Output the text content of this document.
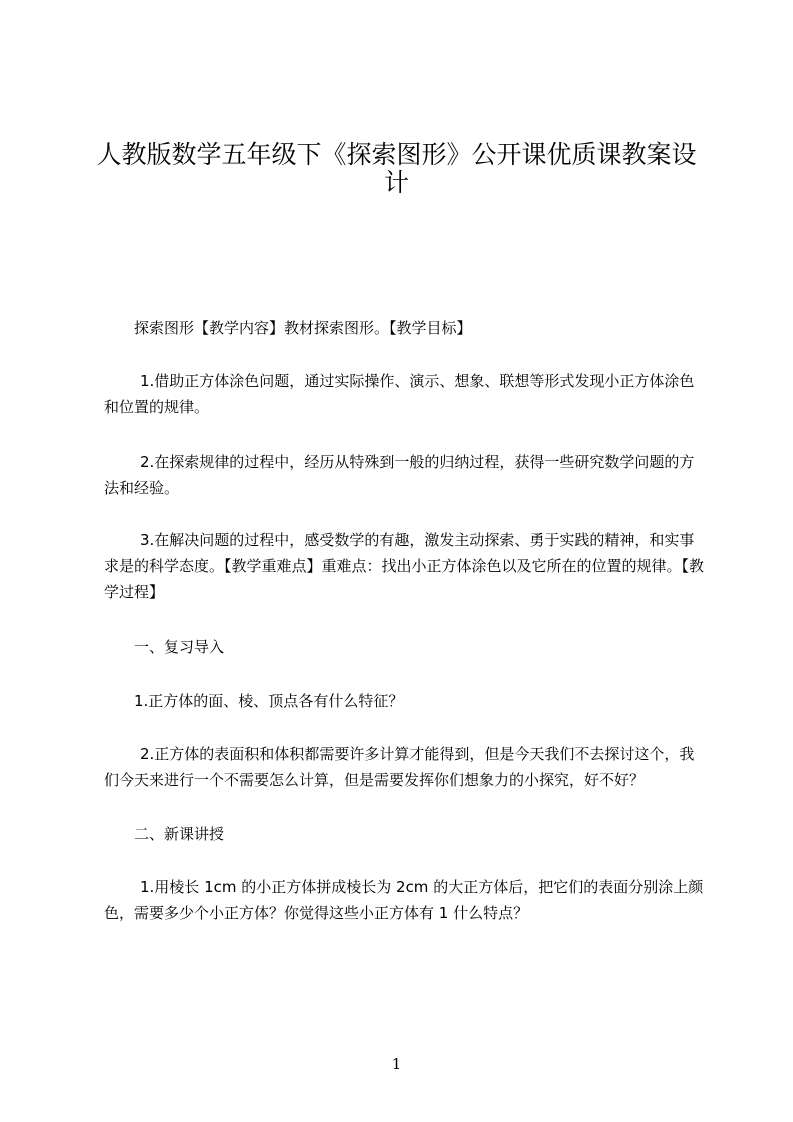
人教版数学五年级下《探索图形》公开课优质课教案设计

探索图形【教学内容】教材探索图形。【教学目标】

1.借助正方体涂色问题，通过实际操作、演示、想象、联想等形式发现小正方体涂色和位置的规律。

2.在探索规律的过程中，经历从特殊到一般的归纳过程，获得一些研究数学问题的方法和经验。

3.在解决问题的过程中，感受数学的有趣，激发主动探索、勇于实践的精神，和实事求是的科学态度。【教学重难点】重难点：找出小正方体涂色以及它所在的位置的规律。【教学过程】

一、复习导入

1.正方体的面、棱、顶点各有什么特征？

2.正方体的表面积和体积都需要许多计算才能得到，但是今天我们不去探讨这个，我们今天来进行一个不需要怎么计算，但是需要发挥你们想象力的小探究，好不好？

二、新课讲授

1.用棱长 1cm 的小正方体拼成棱长为 2cm 的大正方体后，把它们的表面分别涂上颜色，需要多少个小正方体？你觉得这些小正方体有 1 什么特点？

1
